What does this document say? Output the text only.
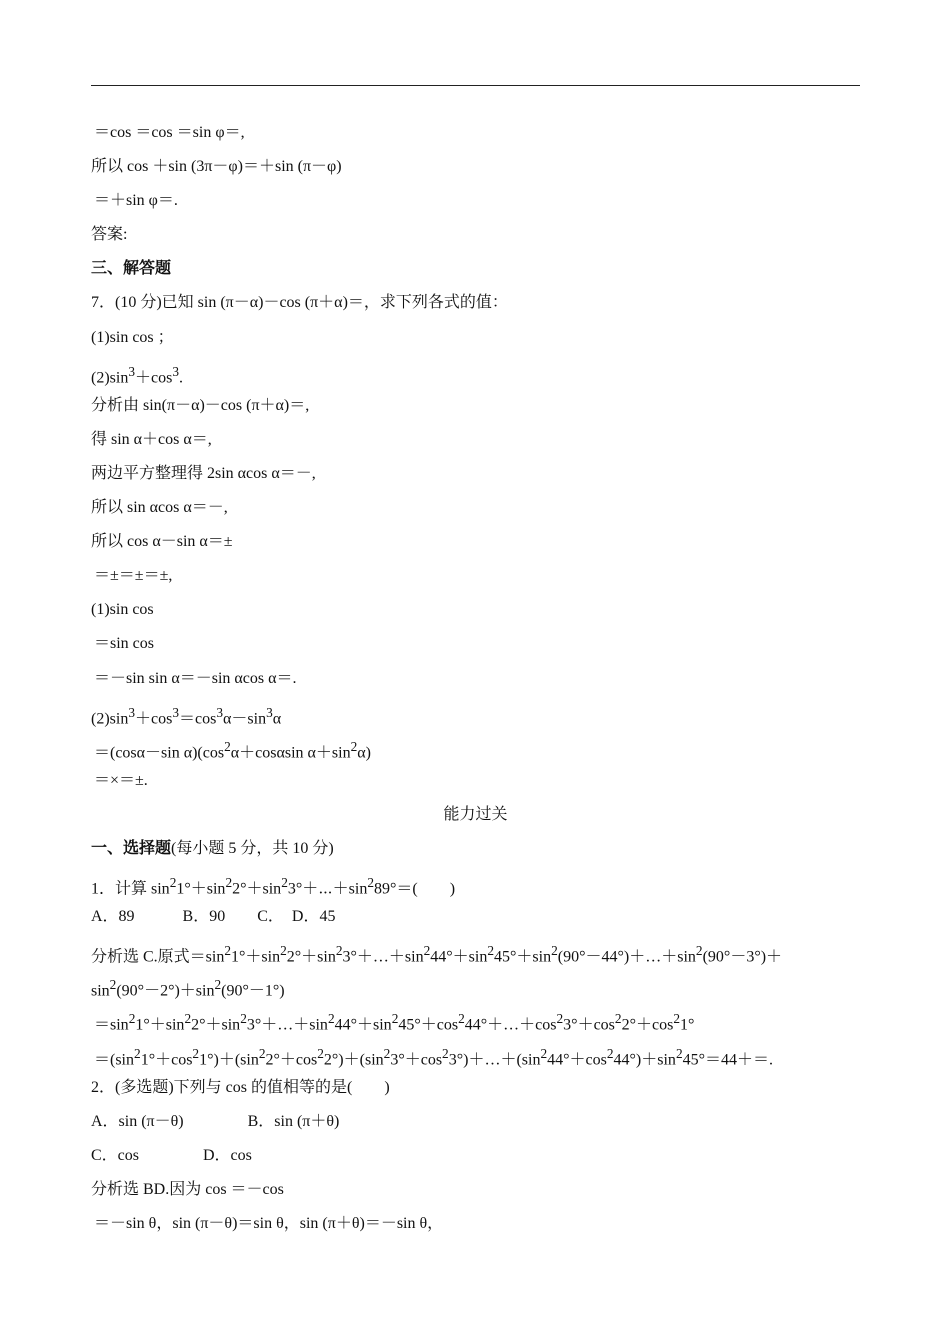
＝cos ＝cos ＝sin φ＝,
所以 cos ＋sin (3π－φ)＝＋sin (π－φ)
＝＋sin φ＝.
答案:
三、解答题
7．(10 分)已知 sin (π－α)－cos (π＋α)＝，求下列各式的值：
(1)sin cos ；
$(2)\sin^3+\cos^3$.
分析由 sin(π－α)－cos (π＋α)＝,
得 sin α＋cos α＝,
两边平方整理得 2sin αcos α＝－,
所以 sin αcos α＝－,
所以 cos α－sin α＝±
＝±＝±＝±,
(1)sin cos
＝sin cos
＝－sin sin α＝－sin αcos α＝.
$(2)\sin^3+\cos^3=\cos^3\alpha-\sin^3\alpha$
＝(cosα－sin $\alpha)(\cos^2\alpha+\cos\alpha\sin$ $\alpha+\sin^2\alpha$)
＝×＝±.
能力过关
一、选择题(每小题 5 分，共 10 分)
1．计算 $\sin^21^\circ+\sin^22^\circ+\sin^23^\circ+\cdots+\sin^289^\circ=$(　　)
A．89　　　B．90　　C．　D．45
分析选 C.原式$=\sin^21^\circ+\sin^22^\circ+\sin^23^\circ+\dots+\sin^244^\circ+\sin^245^\circ+\sin^2(90^\circ-44^\circ)+\dots+\sin^2(90^\circ-3^\circ)+$
$\sin^2(90^\circ-2^\circ)+\sin^2(90^\circ-1^\circ)$
$=\sin^21^\circ+\sin^22^\circ+\sin^23^\circ+\dots+\sin^244^\circ+\sin^245^\circ+\cos^244^\circ+\dots+\cos^23^\circ+\cos^22^\circ+\cos^21^\circ$
$=(\sin^21^\circ+\cos^21^\circ)+(\sin^22^\circ+\cos^22^\circ)+(\sin^23^\circ+\cos^23^\circ)+\dots+(\sin^244^\circ+\cos^244^\circ)+\sin^245^\circ=44+=$.
2．(多选题)下列与 cos 的值相等的是(　　)
A．sin (π－θ)　　　　B．sin (π＋θ)
C．cos　　　　D．cos
分析选 BD.因为 cos ＝－cos
＝－sin θ，sin (π－θ)＝sin θ，sin (π＋θ)＝－sin θ，
